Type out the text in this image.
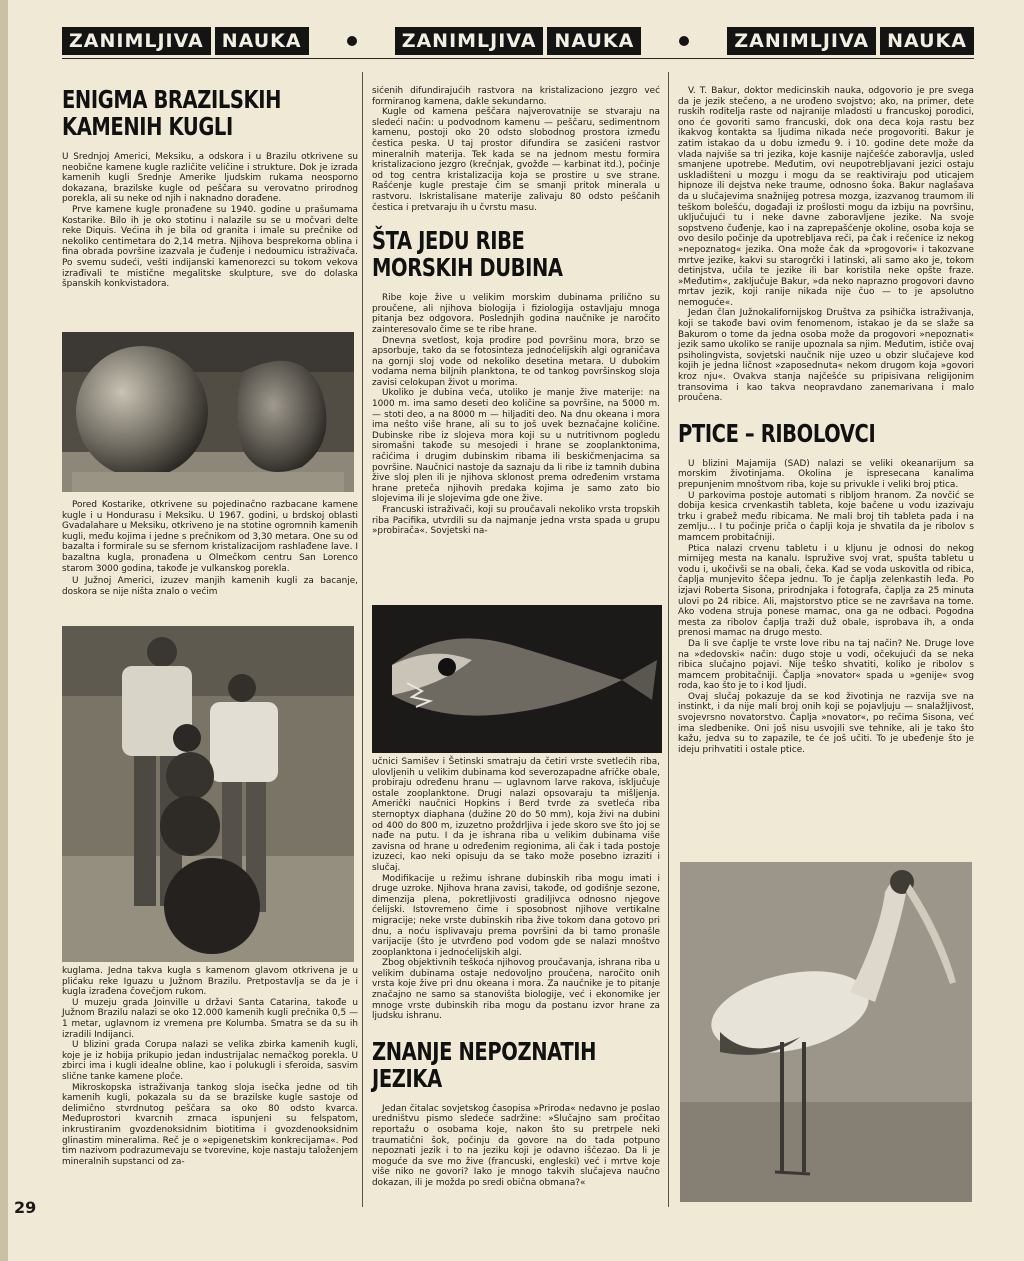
ZANIMLJIVA NAUKA	ZANIMLJIVA NAUKA	ZANIMLJIVA NAUKA
ENIGMA BRAZILSKIH KAMENIH KUGLI

U Srednjoj Americi, Meksiku, a odskora i u Brazilu otkrivene su neobične kamene kugle različite veličine i strukture. Dok je izrada kamenih kugli Srednje Amerike ljudskim rukama neosporno dokazana, brazilske kugle od peščara su verovatno prirodnog porekla, ali su neke od njih i naknadno dorađene.

Prve kamene kugle pronađene su 1940. godine u prašumama Kostarike. Bilo ih je oko stotinu i nalazile su se u močvari delte reke Diquis. Većina ih je bila od granita i imale su prečnike od nekoliko centimetara do 2,14 metra. Njihova besprekorna oblina i fina obrada površine izazvala je čuđenje i nedoumicu istraživača. Po svemu sudeći, vešti indijanski kamenorezci su tokom vekova izrađivali te mistične megalitske skulpture, sve do dolaska španskih konkvistadora.

Pored Kostarike, otkrivene su pojedinačno razbacane kamene kugle i u Hondurasu i Meksiku. U 1967. godini, u brdskoj oblasti Gvadalahare u Meksiku, otkriveno je na stotine ogromnih kamenih kugli, među kojima i jedne s prečnikom od 3,30 metara. One su od bazalta i formirale su se sfernom kristalizacijom rashlađene lave. I bazaltna kugla, pronađena u Olmečkom centru San Lorenco starom 3000 godina, takođe je vulkanskog porekla.

U Južnoj Americi, izuzev manjih kamenih kugli za bacanje, doskora se nije ništa znalo o većim

kuglama. Jedna takva kugla s kamenom glavom otkrivena je u plićaku reke Iguazu u Južnom Brazilu. Pretpostavlja se da je i kugla izrađena čovečjom rukom.

U muzeju grada Joinville u državi Santa Catarina, takođe u Južnom Brazilu nalazi se oko 12.000 kamenih kugli prečnika 0,5 — 1 metar, uglavnom iz vremena pre Kolumba. Smatra se da su ih izradili Indijanci.

U blizini grada Corupa nalazi se velika zbirka kamenih kugli, koje je iz hobija prikupio jedan industrijalac nemačkog porekla. U zbirci ima i kugli idealne obline, kao i polukugli i sferoida, sasvim slične tanke kamene ploče.

Mikroskopska istraživanja tankog sloja isečka jedne od tih kamenih kugli, pokazala su da se brazilske kugle sastoje od delimično stvrdnutog peščara sa oko 80 odsto kvarca. Međuprostori kvarcnih zrnaca ispunjeni su felspatom, inkrustiranim gvozdenoksidnim biotitima i gvozdenooksidnim glinastim mineralima. Reč je o »epigenetskim konkrecijama«. Pod tim nazivom podrazumevaju se tvorevine, koje nastaju taloženjem mineralnih supstanci od za-

sićenih difundirajućih rastvora na kristalizaciono jezgro već formiranog kamena, dakle sekundarno.

Kugle od kamena peščara najverovatnije se stvaraju na sledeći način: u podvodnom kamenu — peščaru, sedimentnom kamenu, postoji oko 20 odsto slobodnog prostora između čestica peska. U taj prostor difundira se zasićeni rastvor mineralnih materija. Tek kada se na jednom mestu formira kristalizaciono jezgro (krečnjak, gvožđe — karbinat itd.), počinje od tog centra kristalizacija koja se prostire u sve strane. Rašćenje kugle prestaje čim se smanji pritok minerala u rastvoru. Iskristalisane materije zalivaju 80 odsto peščanih čestica i pretvaraju ih u čvrstu masu.

ŠTA JEDU RIBE MORSKIH DUBINA

Ribe koje žive u velikim morskim dubinama prilično su proučene, ali njihova biologija i fiziologija ostavljaju mnoga pitanja bez odgovora. Poslednjih godina naučnike je naročito zainteresovalo čime se te ribe hrane.

Dnevna svetlost, koja prodire pod površinu mora, brzo se apsorbuje, tako da se fotosinteza jednoćelijskih algi ograničava na gornji sloj vode od nekoliko desetina metara. U dubokim vodama nema biljnih planktona, te od tankog površinskog sloja zavisi celokupan život u morima.

Ukoliko je dubina veća, utoliko je manje žive materije: na 1000 m. ima samo deseti deo količine sa površine, na 5000 m. — stoti deo, a na 8000 m — hiljaditi deo. Na dnu okeana i mora ima nešto više hrane, ali su to još uvek beznačajne količine. Dubinske ribe iz slojeva mora koji su u nutritivnom pogledu siromašni takođe su mesojedi i hrane se zooplanktonima, račićima i drugim dubinskim ribama ili beskičmenjacima sa površine. Naučnici nastoje da saznaju da li ribe iz tamnih dubina žive sloj plen ili je njihova sklonost prema određenim vrstama hrane preteča njihovih predaka kojima je samo zato bio slojevima ili je slojevima gde one žive.

Francuski istraživači, koji su proučavali nekoliko vrsta tropskih riba Pacifika, utvrdili su da najmanje jedna vrsta spada u grupu »probirača«. Sovjetski na-

učnici Samišev i Šetinski smatraju da četiri vrste svetlećih riba, ulovljenih u velikim dubinama kod severozapadne afričke obale, probiraju određenu hranu — uglavnom larve rakova, isključuje ostale zooplanktone. Drugi nalazi opsovaraju ta mišljenja. Američki naučnici Hopkins i Berd tvrde za svetleća riba sternoptyx diaphana (dužine 20 do 50 mm), koja živi na dubini od 400 do 800 m, izuzetno proždrljiva i jede skoro sve što joj se nađe na putu. I da je ishrana riba u velikim dubinama više zavisna od hrane u određenim regionima, ali čak i tada postoje izuzeci, kao neki opisuju da se tako može posebno izraziti i slučaj.

Modifikacije u režimu ishrane dubinskih riba mogu imati i druge uzroke. Njihova hrana zavisi, takođe, od godišnje sezone, dimenzija plena, pokretljivosti gradiljivca odnosno njegove ćelijski. Istovremeno čime i sposobnost njihove vertikalne migracije; neke vrste dubinskih riba žive tokom dana gotovo pri dnu, a noću isplivavaju prema površini da bi tamo pronašle varijacije (što je utvrđeno pod vodom gde se nalazi mnoštvo zooplanktona i jednoćelijskih algi.

Zbog objektivnih teškoća njihovog proučavanja, ishrana riba u velikim dubinama ostaje nedovoljno proučena, naročito onih vrsta koje žive pri dnu okeana i mora. Za naučnike je to pitanje značajno ne samo sa stanovišta biologije, već i ekonomike jer mnoge vrste dubinskih riba mogu da postanu izvor hrane za ljudsku ishranu.

ZNANJE NEPOZNATIH JEZIKA

Jedan čitalac sovjetskog časopisa »Priroda« nedavno je poslao uredništvu pismo sledeće sadržine: »Slučajno sam pročitao reportažu o osobama koje, nakon što su pretrpele neki traumatični šok, počinju da govore na do tada potpuno nepoznati jezik i to na jeziku koji je odavno iščezao. Da li je moguće da sve mo žive (francuski, engleski) već i mrtve koje više niko ne govori? Iako je mnogo takvih slučajeva naučno dokazan, ili je možda po sredi obična obmana?«

V. T. Bakur, doktor medicinskih nauka, odgovorio je pre svega da je jezik stečeno, a ne urođeno svojstvo; ako, na primer, dete ruskih roditelja raste od najranije mladosti u francuskoj porodici, ono će govoriti samo francuski, dok ona deca koja rastu bez ikakvog kontakta sa ljudima nikada neće progovoriti. Bakur je zatim istakao da u dobu između 9. i 10. godine dete može da vlada najviše sa tri jezika, koje kasnije najčešće zaboravlja, usled smanjene upotrebe. Međutim, ovi neupotrebljavani jezici ostaju uskladišteni u mozgu i mogu da se reaktiviraju pod uticajem hipnoze ili dejstva neke traume, odnosno šoka. Bakur naglašava da u slučajevima snažnijeg potresa mozga, izazvanog traumom ili teškom bolešću, događaji iz prošlosti mogu da izbiju na površinu, uključujući tu i neke davne zaboravljene jezike. Na svoje sopstveno čuđenje, kao i na zaprepašćenje okoline, osoba koja se ovo desilo počinje da upotrebljava reči, pa čak i rečenice iz nekog »nepoznatog« jezika. Ona može čak da »progovori« i takozvane mrtve jezike, kakvi su starogrčki i latinski, ali samo ako je, tokom detinjstva, učila te jezike ili bar koristila neke opšte fraze. »Međutim«, zaključuje Bakur, »da neko naprazno progovori davno mrtav jezik, koji ranije nikada nije čuo — to je apsolutno nemoguće«.

Jedan član Južnokalifornijskog Društva za psihička istraživanja, koji se takođe bavi ovim fenomenom, istakao je da se slaže sa Bakurom o tome da jedna osoba može da progovori »nepoznati« jezik samo ukoliko se ranije upoznala sa njim. Međutim, ističe ovaj psiholingvista, sovjetski naučnik nije uzeo u obzir slučajeve kod kojih je jedna ličnost »zaposednuta« nekom drugom koja »govori kroz nju«. Ovakva stanja najčešće su pripisivana religijonim transovima i kao takva neopravdano zanemarivana i malo proučena.

PTICE – RIBOLOVCI

U blizini Majamija (SAD) nalazi se veliki okeanarijum sa morskim životinjama. Okolina je ispresecana kanalima prepunjenim mnoštvom riba, koje su privukle i veliki broj ptica.

U parkovima postoje automati s ribljom hranom. Za novčić se dobija kesica crvenkastih tableta, koje bačene u vodu izazivaju trku i grabež među ribicama. Ne mali broj tih tableta pada i na zemlju... I tu počinje priča o čaplji koja je shvatila da je ribolov s mamcem probitačniji.

Ptica nalazi crvenu tabletu i u kljunu je odnosi do nekog mirnijeg mesta na kanalu. Ispružive svoj vrat, spušta tabletu u vodu i, ukočivši se na obali, čeka. Kad se voda uskovitla od ribica, čaplja munjevito ščepa jednu. To je čaplja zelenkastih leđa. Po izjavi Roberta Sisona, prirodnjaka i fotografa, čaplja za 25 minuta ulovi po 24 ribice. Ali, majstorstvo ptice se ne završava na tome. Ako vodena struja ponese mamac, ona ga ne odbaci. Pogodna mesta za ribolov čaplja traži duž obale, isprobava ih, a onda prenosi mamac na drugo mesto.

Da li sve čaplje te vrste love ribu na taj način? Ne. Druge love na »dedovski« način: dugo stoje u vodi, očekujući da se neka ribica slučajno pojavi. Nije teško shvatiti, koliko je ribolov s mamcem probitačniji. Čaplja »novator« spada u »genije« svog roda, kao što je to i kod ljudi.

Ovaj slučaj pokazuje da se kod životinja ne razvija sve na instinkt, i da nije mali broj onih koji se pojavljuju — snalažljivost, svojevrsno novatorstvo. Čaplja »novator«, po rečima Sisona, već ima sledbenike. Oni još nisu usvojili sve tehnike, ali je tako što kažu, jedva su to zapazile, te će još učiti. To je ubeđenje što je ideju prihvatiti i ostale ptice.

29
